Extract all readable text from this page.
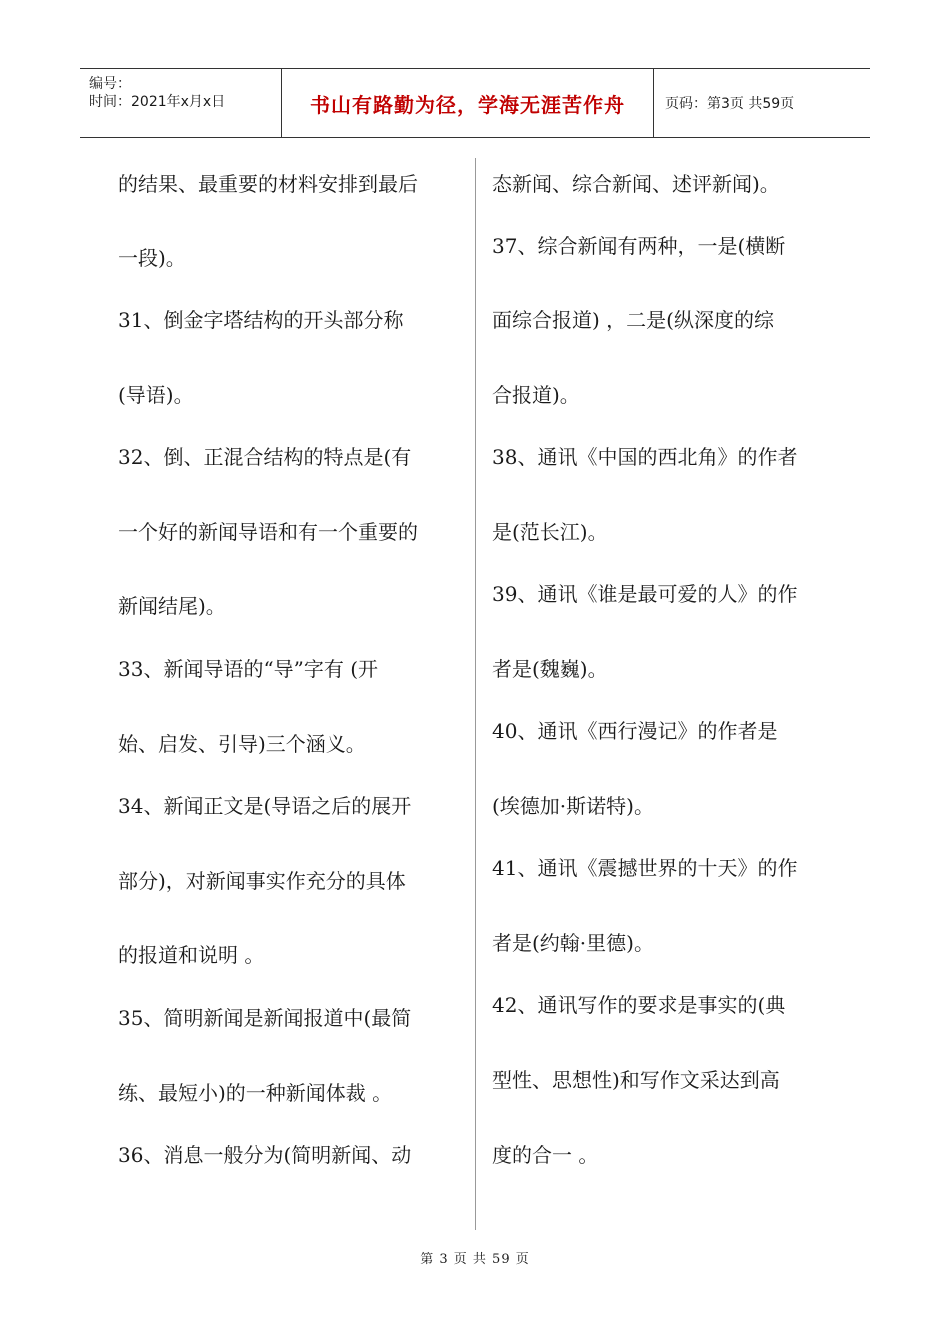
编号：
时间：2021年x月x日	书山有路勤为径，学海无涯苦作舟	页码：第3页 共59页
的结果、最重要的材料安排到最后
一段)。
31、倒金字塔结构的开头部分称
(导语)。
32、倒、正混合结构的特点是(有
一个好的新闻导语和有一个重要的
新闻结尾)。
33、新闻导语的“导”字有 (开
始、启发、引导)三个涵义。
34、新闻正文是(导语之后的展开
部分)，对新闻事实作充分的具体
的报道和说明 。
35、简明新闻是新闻报道中(最简
练、最短小)的一种新闻体裁 。
36、消息一般分为(简明新闻、动
态新闻、综合新闻、述评新闻)。
37、综合新闻有两种，一是(横断
面综合报道) ，二是(纵深度的综
合报道)。
38、通讯《中国的西北角》的作者
是(范长江)。
39、通讯《谁是最可爱的人》的作
者是(魏巍)。
40、通讯《西行漫记》的作者是
(埃德加·斯诺特)。
41、通讯《震撼世界的十天》的作
者是(约翰·里德)。
42、通讯写作的要求是事实的(典
型性、思想性)和写作文采达到高
度的合一 。
第 3 页 共 59 页
